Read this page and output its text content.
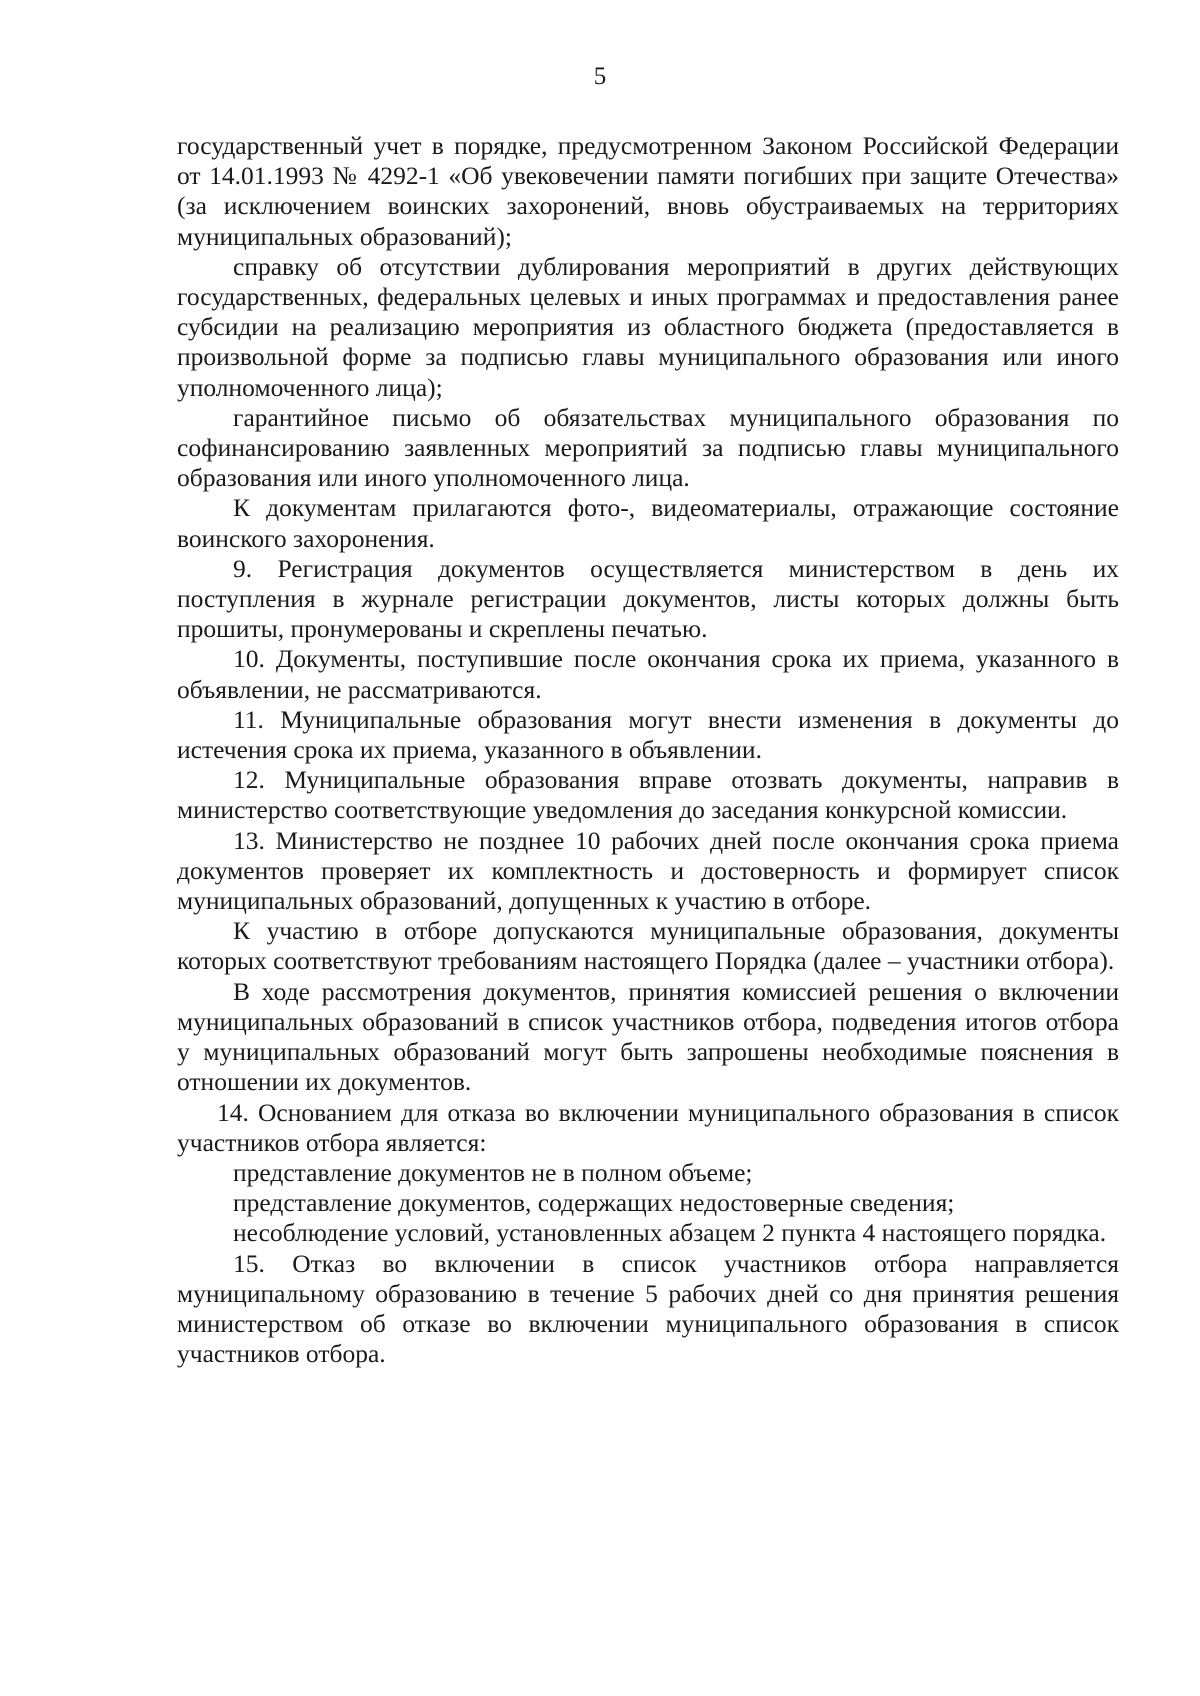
5

государственный учет в порядке, предусмотренном Законом Российской Федерации от 14.01.1993 № 4292-1 «Об увековечении памяти погибших при защите Отечества» (за исключением воинских захоронений, вновь обустраиваемых на территориях муниципальных образований);

справку об отсутствии дублирования мероприятий в других действующих государственных, федеральных целевых и иных программах и предоставления ранее субсидии на реализацию мероприятия из областного бюджета (предоставляется в произвольной форме за подписью главы муниципального образования или иного уполномоченного лица);

гарантийное письмо об обязательствах муниципального образования по софинансированию заявленных мероприятий за подписью главы муниципального образования или иного уполномоченного лица.

К документам прилагаются фото-, видеоматериалы, отражающие состояние воинского захоронения.

9. Регистрация документов осуществляется министерством в день их поступления в журнале регистрации документов, листы которых должны быть прошиты, пронумерованы и скреплены печатью.

10. Документы, поступившие после окончания срока их приема, указанного в объявлении, не рассматриваются.

11. Муниципальные образования могут внести изменения в документы до истечения срока их приема, указанного в объявлении.

12. Муниципальные образования вправе отозвать документы, направив в министерство соответствующие уведомления до заседания конкурсной комиссии.

13. Министерство не позднее 10 рабочих дней после окончания срока приема документов проверяет их комплектность и достоверность и формирует список муниципальных образований, допущенных к участию в отборе.

К участию в отборе допускаются муниципальные образования, документы которых соответствуют требованиям настоящего Порядка (далее – участники отбора).

В ходе рассмотрения документов, принятия комиссией решения о включении муниципальных образований в список участников отбора, подведения итогов отбора у муниципальных образований могут быть запрошены необходимые пояснения в отношении их документов.

14. Основанием для отказа во включении муниципального образования в список участников отбора является:

представление документов не в полном объеме;

представление документов, содержащих недостоверные сведения;

несоблюдение условий, установленных абзацем 2 пункта 4 настоящего порядка.

15. Отказ во включении в список участников отбора направляется муниципальному образованию в течение 5 рабочих дней со дня принятия решения министерством об отказе во включении муниципального образования в список участников отбора.
